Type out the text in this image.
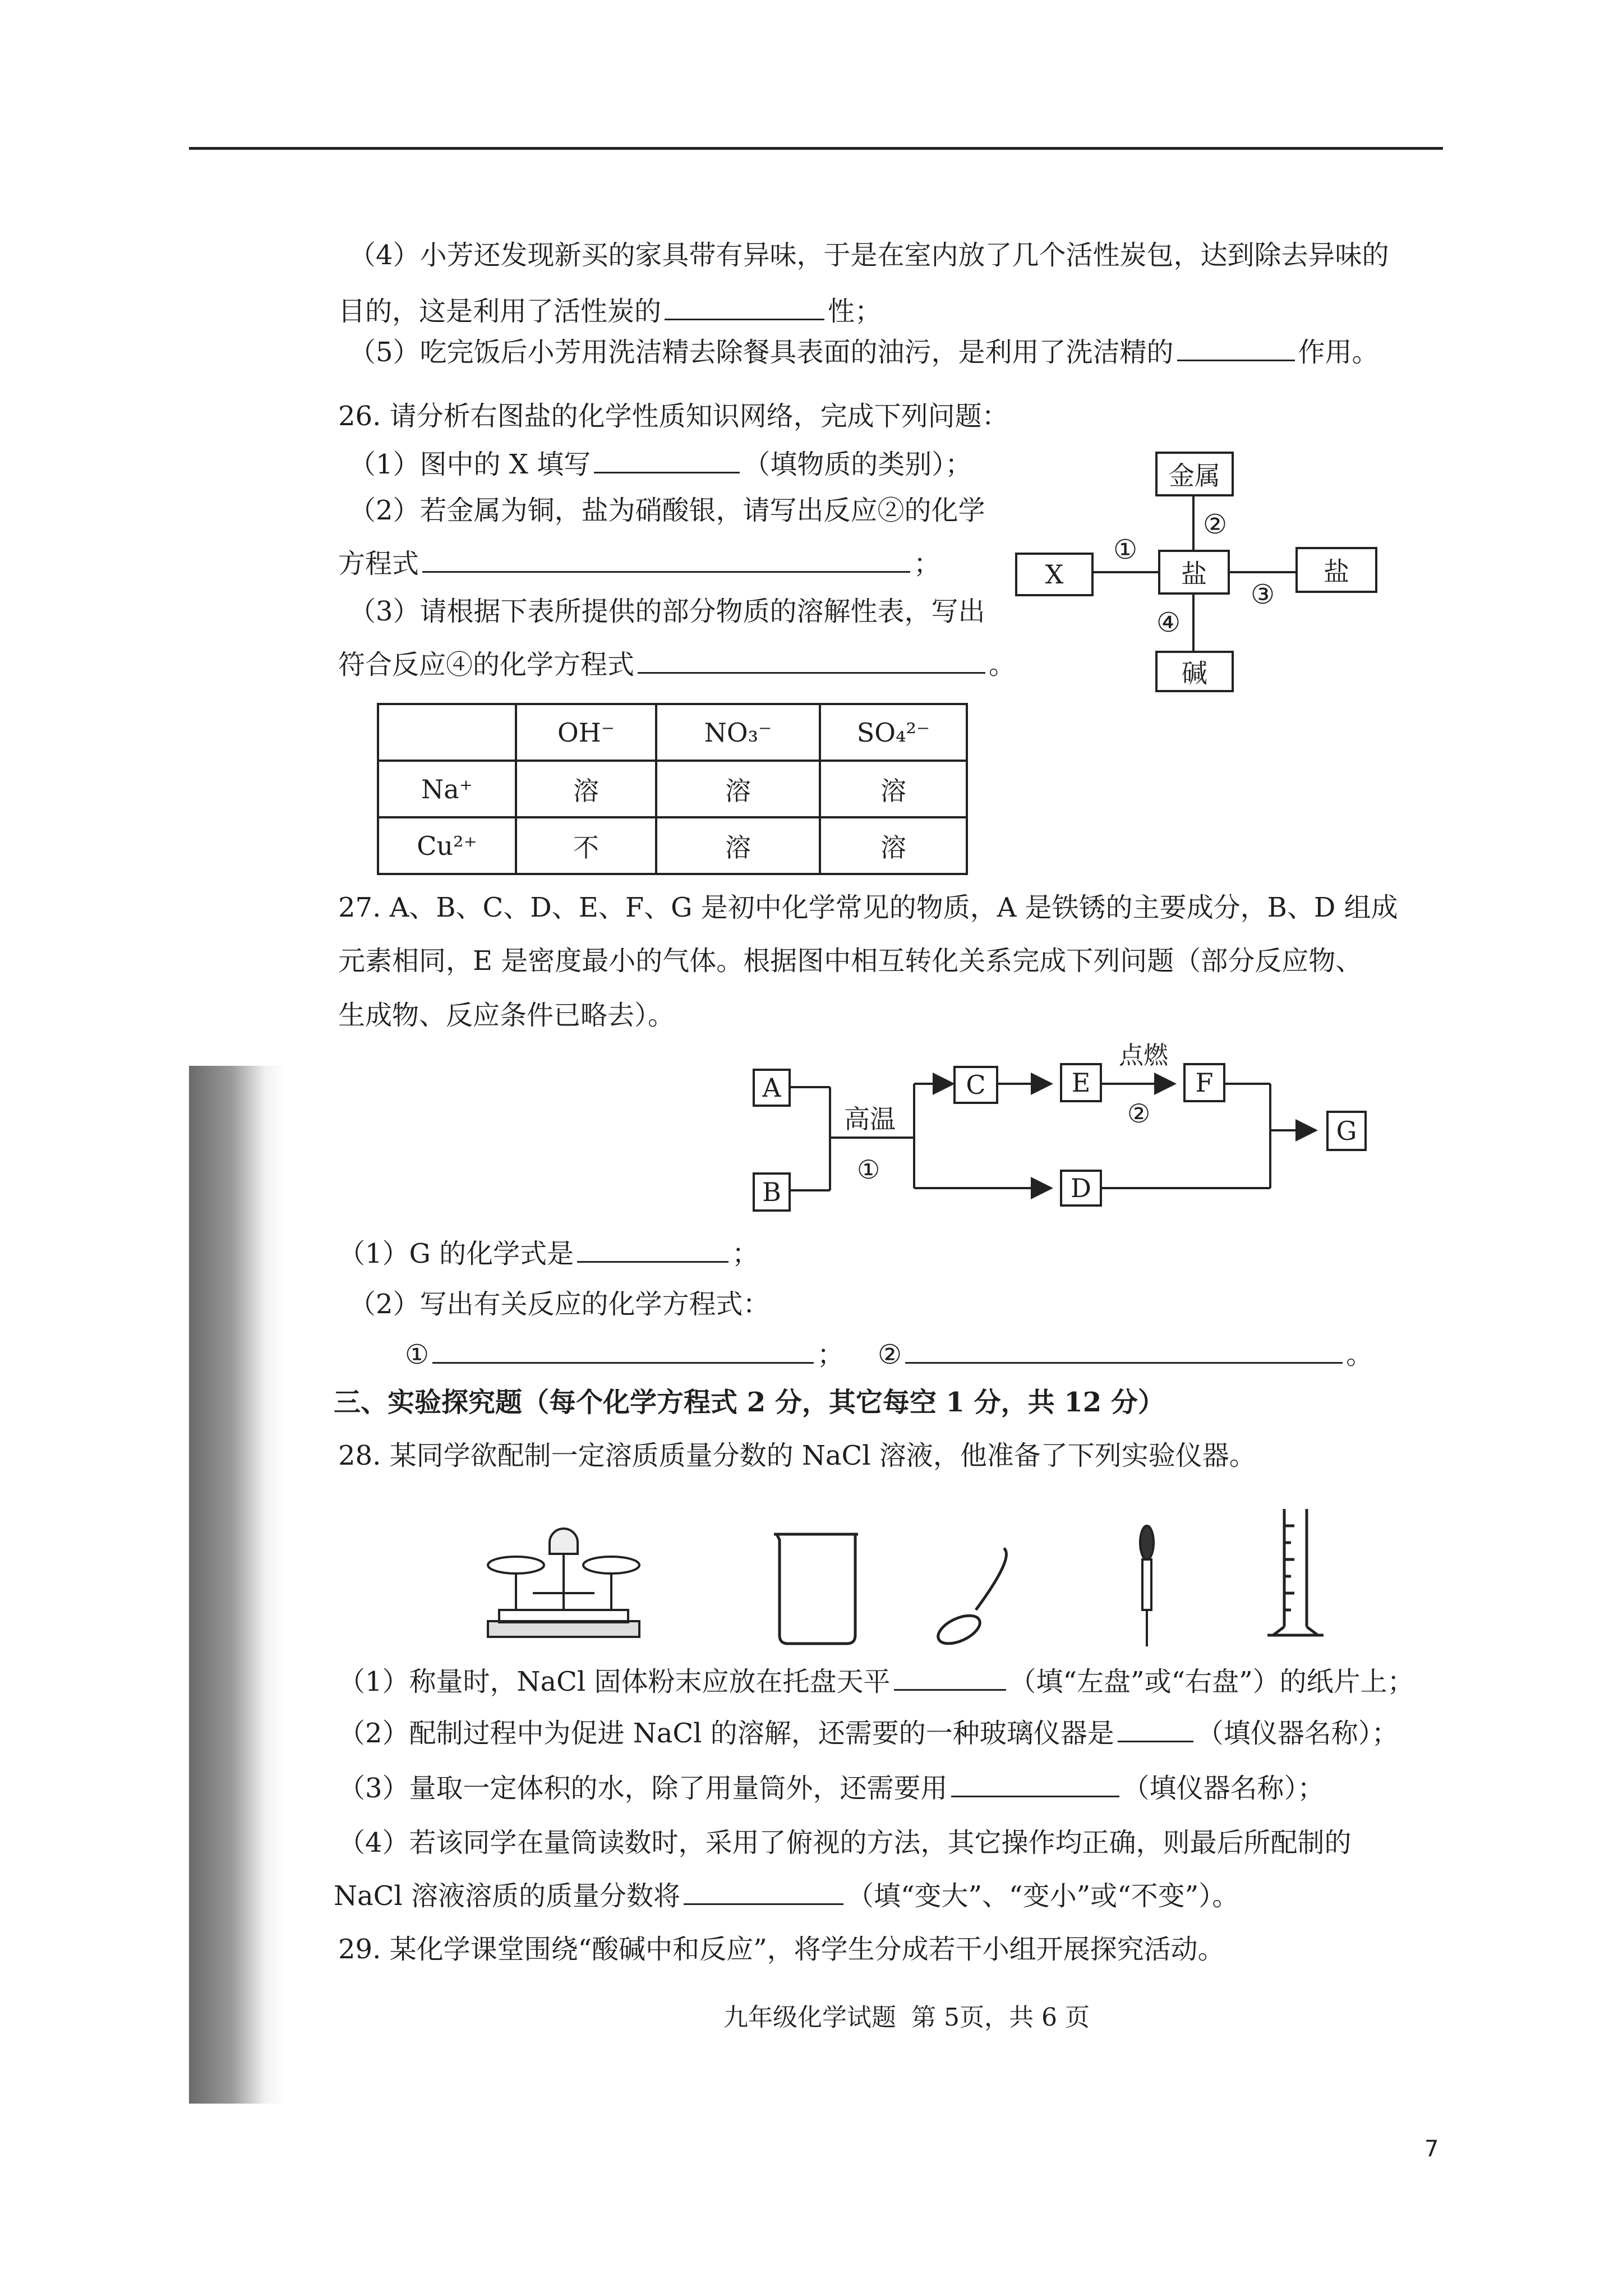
（4）小芳还发现新买的家具带有异味，于是在室内放了几个活性炭包，达到除去异味的
目的，这是利用了活性炭的	性；
（5）吃完饭后小芳用洗洁精去除餐具表面的油污，是利用了洗洁精的	作用。
26. 请分析右图盐的化学性质知识网络，完成下列问题：
（1）图中的 X 填写	（填物质的类别）；
（2）若金属为铜，盐为硝酸银，请写出反应②的化学
方程式	；
（3）请根据下表所提供的部分物质的溶解性表，写出
符合反应④的化学方程式	。
金属
盐
X	盐
碱
①
②
③
④
	OH⁻	NO₃⁻	SO₄²⁻
Na⁺	溶	溶	溶
Cu²⁺	不	溶	溶
27. A、B、C、D、E、F、G 是初中化学常见的物质，A 是铁锈的主要成分，B、D 组成
元素相同，E 是密度最小的气体。根据图中相互转化关系完成下列问题（部分反应物、
生成物、反应条件已略去）。
A
B
C	E	F
D
G
高温
①
点燃
②
（1）G 的化学式是	；
（2）写出有关反应的化学方程式：
①	； ②	。
三、实验探究题（每个化学方程式 2 分，其它每空 1 分，共 12 分）
28. 某同学欲配制一定溶质质量分数的 NaCl 溶液，他准备了下列实验仪器。
（1）称量时，NaCl 固体粉末应放在托盘天平	（填“左盘”或“右盘”）的纸片上；
（2）配制过程中为促进 NaCl 的溶解，还需要的一种玻璃仪器是	（填仪器名称）；
（3）量取一定体积的水，除了用量筒外，还需要用	（填仪器名称）；
（4）若该同学在量筒读数时，采用了俯视的方法，其它操作均正确，则最后所配制的
NaCl 溶液溶质的质量分数将	（填“变大”、“变小”或“不变”）。
29. 某化学课堂围绕“酸碱中和反应”，将学生分成若干小组开展探究活动。
九年级化学试题 第 5页，共 6 页
7
